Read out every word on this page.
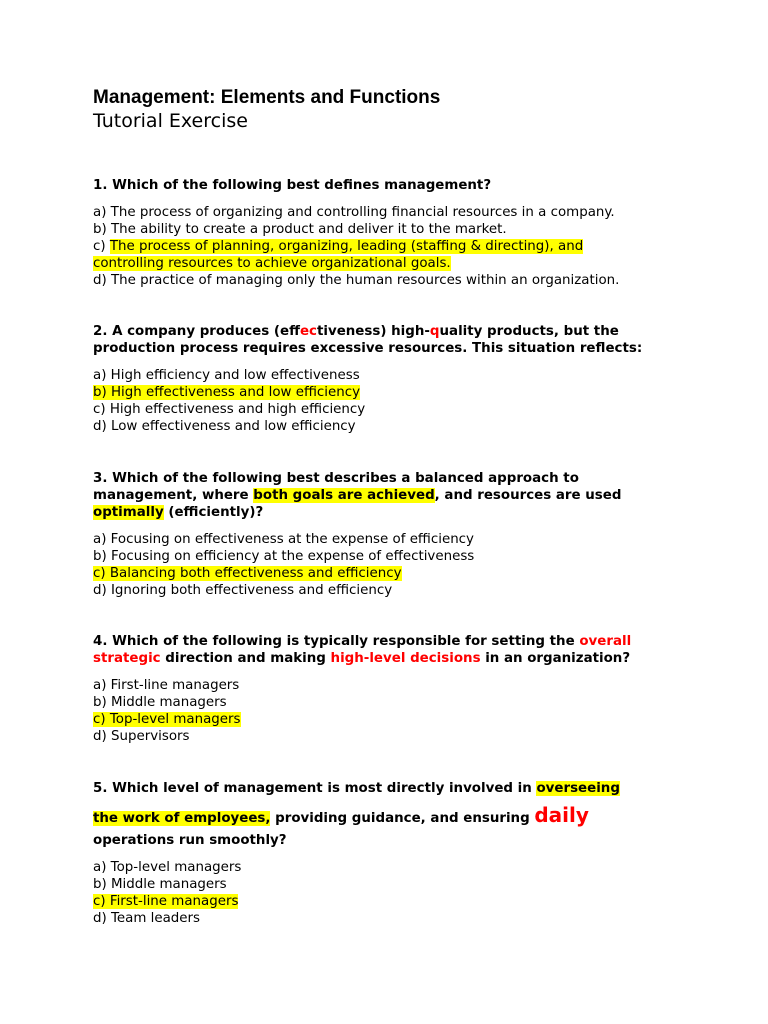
Management: Elements and Functions
Tutorial Exercise

1. Which of the following best defines management?

a) The process of organizing and controlling financial resources in a company.
b) The ability to create a product and deliver it to the market.
c) The process of planning, organizing, leading (staffing & directing), and
controlling resources to achieve organizational goals.
d) The practice of managing only the human resources within an organization.

2. A company produces (effectiveness) high-quality products, but the
production process requires excessive resources. This situation reflects:

a) High efficiency and low effectiveness
b) High effectiveness and low efficiency
c) High effectiveness and high efficiency
d) Low effectiveness and low efficiency

3. Which of the following best describes a balanced approach to
management, where both goals are achieved, and resources are used
optimally (efficiently)?

a) Focusing on effectiveness at the expense of efficiency
b) Focusing on efficiency at the expense of effectiveness
c) Balancing both effectiveness and efficiency
d) Ignoring both effectiveness and efficiency

4. Which of the following is typically responsible for setting the overall
strategic direction and making high-level decisions in an organization?

a) First-line managers
b) Middle managers
c) Top-level managers
d) Supervisors

5. Which level of management is most directly involved in overseeing
the work of employees, providing guidance, and ensuring daily
operations run smoothly?

a) Top-level managers
b) Middle managers
c) First-line managers
d) Team leaders
